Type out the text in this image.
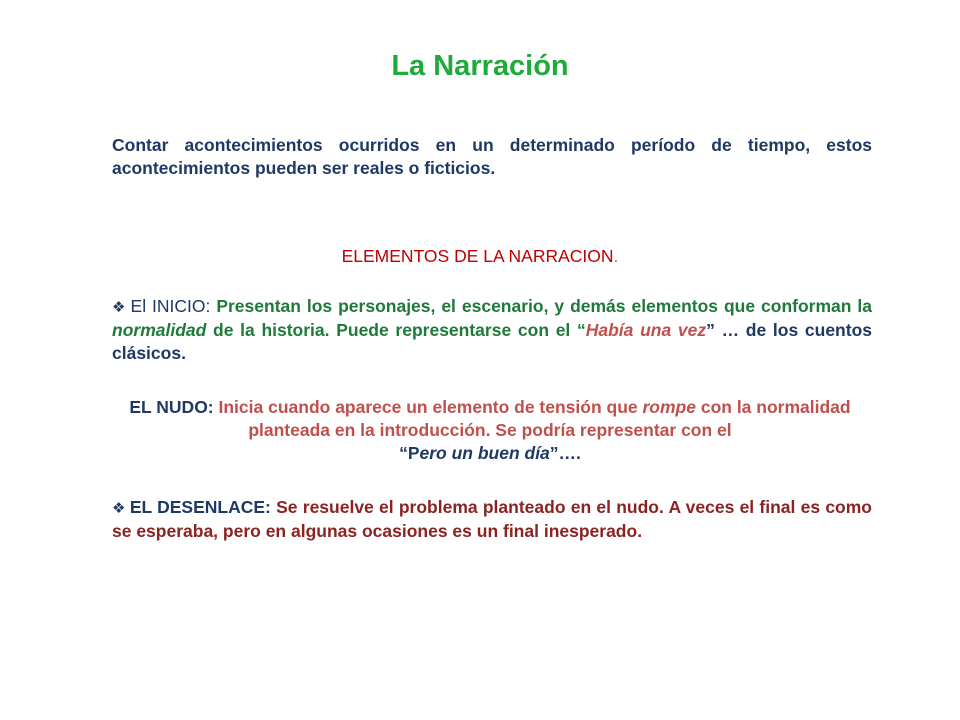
La Narración
Contar acontecimientos ocurridos en un determinado período de tiempo, estos acontecimientos pueden ser reales o ficticios.
ELEMENTOS DE LA NARRACION.
❖ El INICIO: Presentan los personajes, el escenario, y demás elementos que conforman la normalidad de la historia. Puede representarse con el “Había una vez” … de los cuentos clásicos.
EL NUDO: Inicia cuando aparece un elemento de tensión que rompe con la normalidad planteada en la introducción. Se podría representar con el
“Pero un buen día”….
❖ EL DESENLACE: Se resuelve el problema planteado en el nudo. A veces el final es como se esperaba, pero en algunas ocasiones es un final inesperado.
